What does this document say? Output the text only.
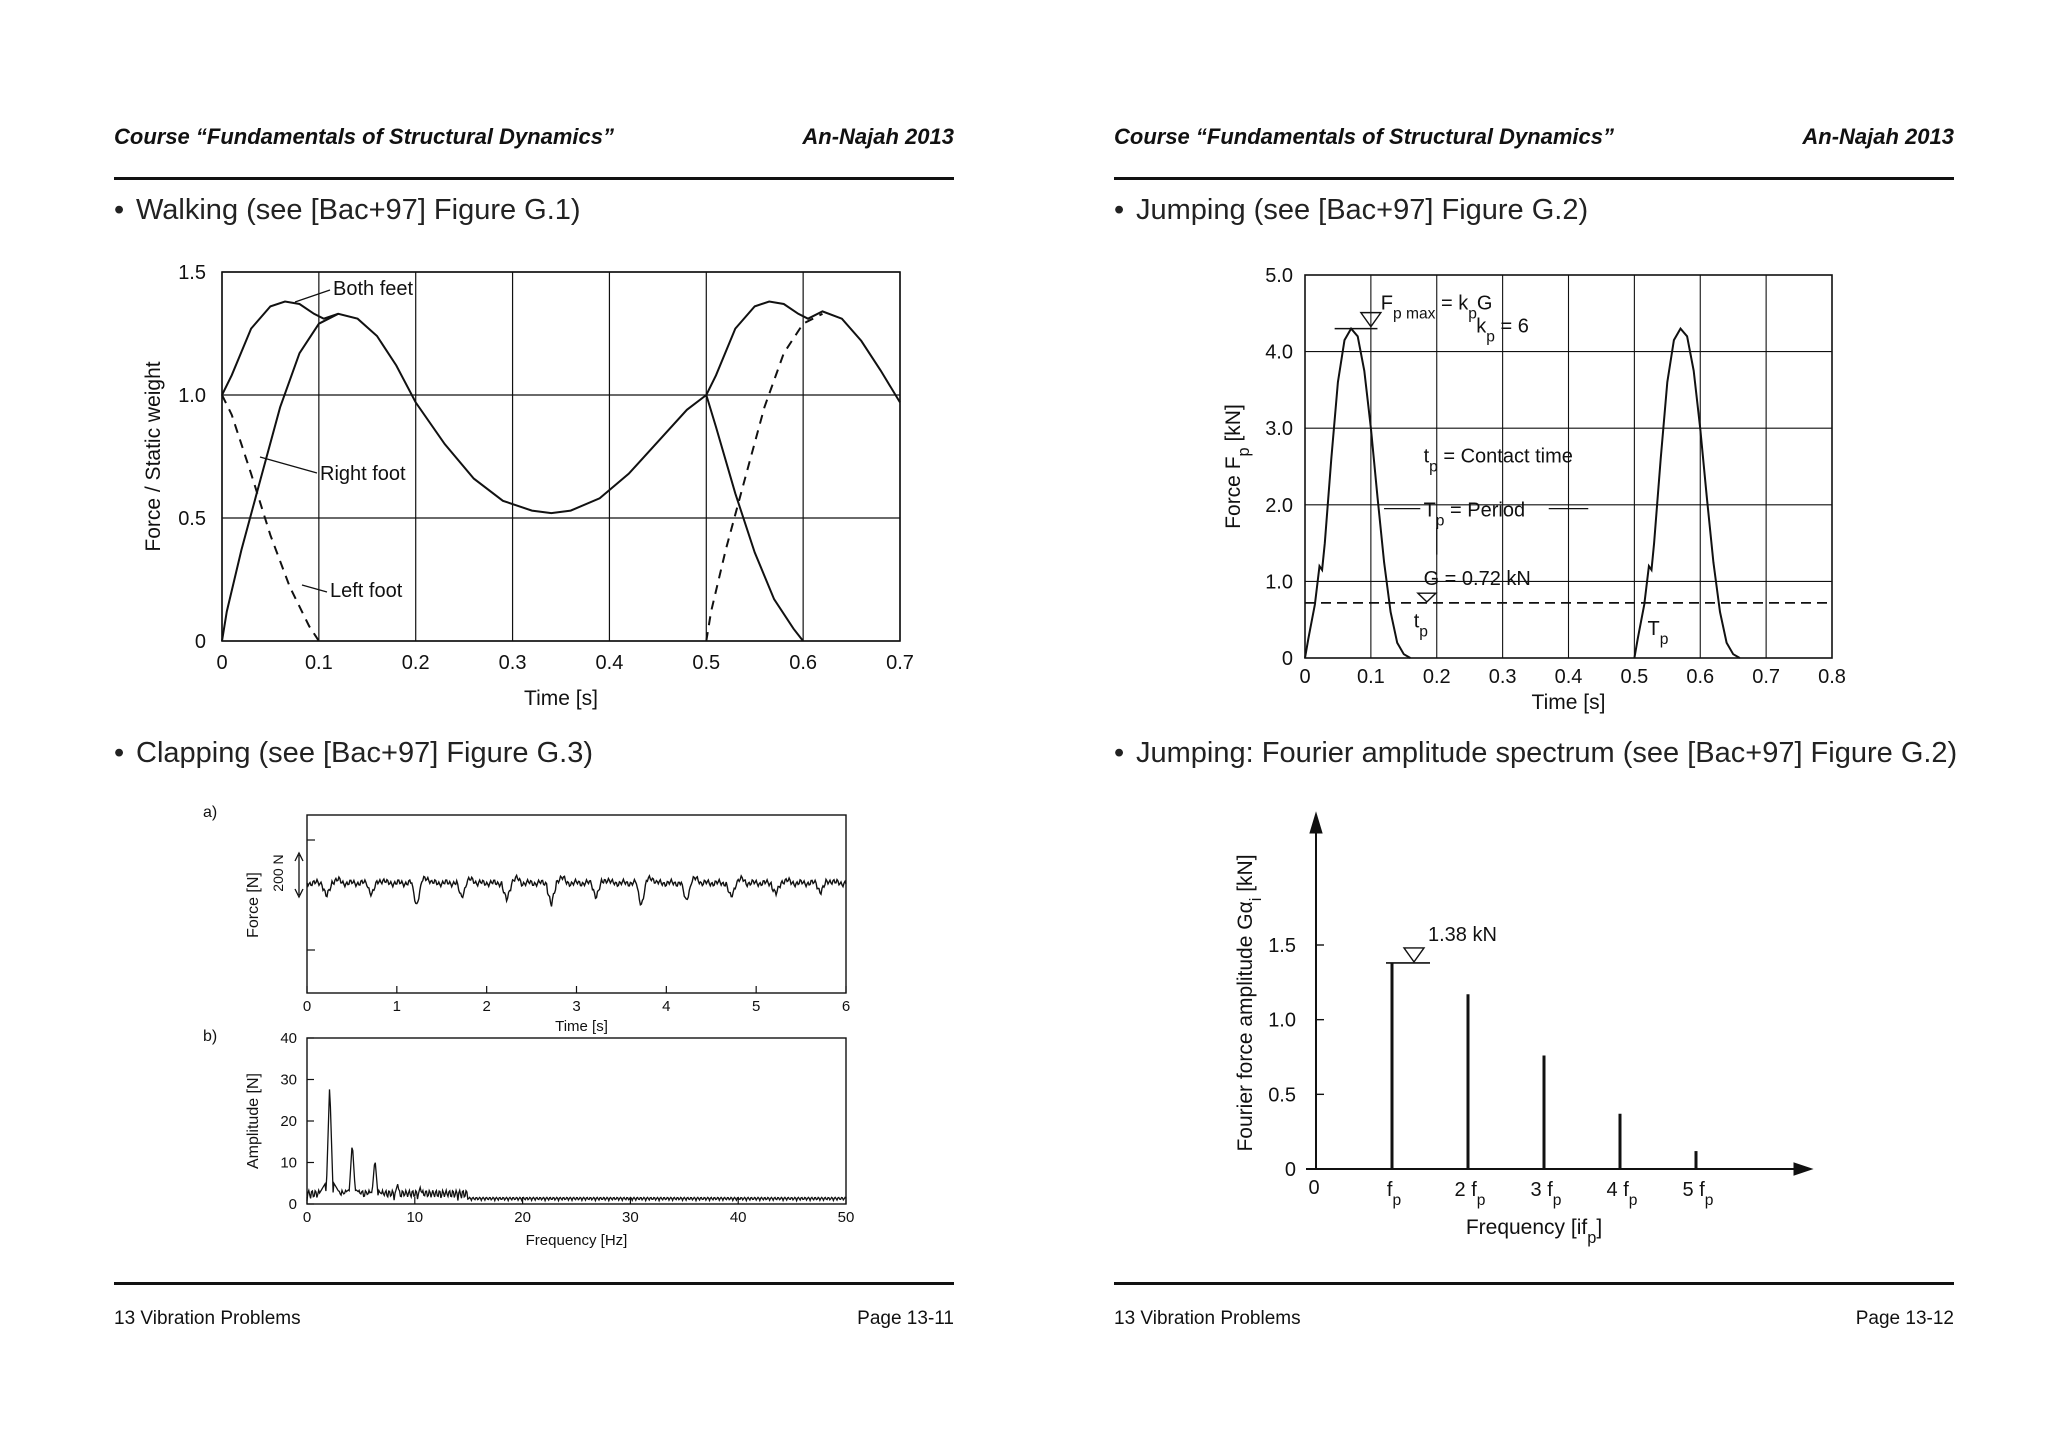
Course “Fundamentals of Structural Dynamics”	An-Najah 2013
• Walking (see [Bac+97] Figure G.1)
0	0.1	0.2	0.3	0.4	0.5	0.6	0.7
0
0.5
1.0
1.5
Time [s]
Force / Static weight
Both feet
Right foot
Left foot
• Clapping (see [Bac+97] Figure G.3)
a)
0	1	2	3	4	5	6
Time [s]
Force [N] 200 N
b)
0
10
20
30
40
0	10	20	30	40	50
Frequency [Hz]
Amplitude [N]
13 Vibration Problems	Page 13-11
Course “Fundamentals of Structural Dynamics”	An-Najah 2013
• Jumping (see [Bac+97] Figure G.2)
0 0.1 0.2 0.3 0.4 0.5 0.6 0.7 0.8
0
1.0
2.0
3.0
4.0
5.0
Time [s]
Force $F_p$ [kN]
$F_{p max} = k_pG$
$k_p = 6$
$t_p$ = Contact time
$T_p$ = Period
G = 0.72 kN
$t_p$	$T_p$
• Jumping: Fourier amplitude spectrum (see [Bac+97] Figure G.2)
0
0.5
1.0
1.5
0	$f_p$	2 $f_p$ 3 $f_p$ 4 $f_p$ 5 $f_p$
1.38 kN
Frequency $[if_p]$
Fourier force amplitude $G\alpha_i$ [kN]
13 Vibration Problems	Page 13-12
